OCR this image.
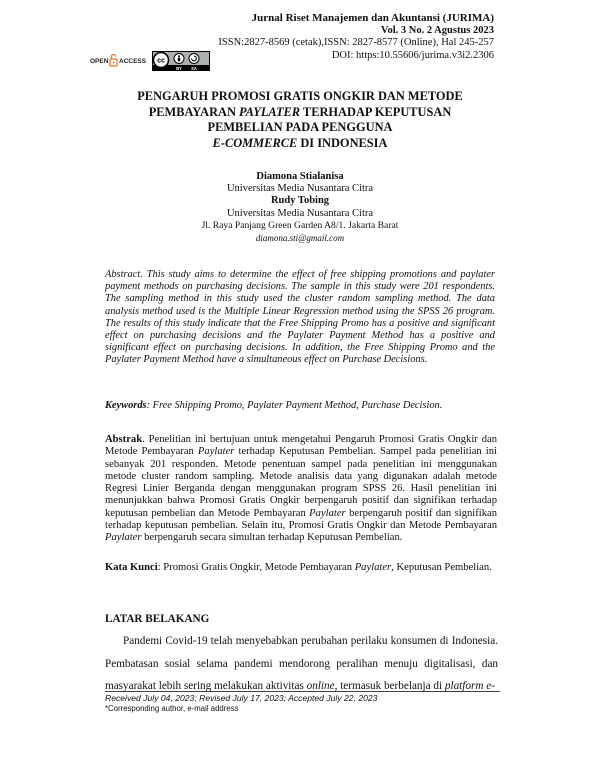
Jurnal Riset Manajemen dan Akuntansi (JURIMA)
Vol. 3 No. 2 Agustus 2023
ISSN:2827-8569 (cetak),ISSN: 2827-8577 (Online), Hal 245-257
DOI: https:10.55606/jurima.v3i2.2306
OPEN ACCESS cc
BY SA
PENGARUH PROMOSI GRATIS ONGKIR DAN METODE
PEMBAYARAN PAYLATER TERHADAP KEPUTUSAN
PEMBELIAN PADA PENGGUNA
E-COMMERCE DI INDONESIA
Diamona Stialanisa
Universitas Media Nusantara Citra
Rudy Tobing
Universitas Media Nusantara Citra
Jl. Raya Panjang Green Garden A8/1. Jakarta Barat
diamona.sti@gmail.com
Abstract. This study aims to determine the effect of free shipping promotions and paylater payment methods on purchasing decisions. The sample in this study were 201 respondents. The sampling method in this study used the cluster random sampling method. The data analysis method used is the Multiple Linear Regression method using the SPSS 26 program. The results of this study indicate that the Free Shipping Promo has a positive and significant effect on purchasing decisions and the Paylater Payment Method has a positive and significant effect on purchasing decisions. In addition, the Free Shipping Promo and the Paylater Payment Method have a simultaneous effect on Purchase Decisions.
Keywords: Free Shipping Promo, Paylater Payment Method, Purchase Decision.
Abstrak. Penelitian ini bertujuan untuk mengetahui Pengaruh Promosi Gratis Ongkir dan Metode Pembayaran Paylater terhadap Keputusan Pembelian. Sampel pada penelitian ini sebanyak 201 responden. Metode penentuan sampel pada penelitian ini menggunakan metode cluster random sampling. Metode analisis data yang digunakan adalah metode Regresi Linier Berganda dengan menggunakan program SPSS 26. Hasil penelitian ini menunjukkan bahwa Promosi Gratis Ongkir berpengaruh positif dan signifikan terhadap keputusan pembelian dan Metode Pembayaran Paylater berpengaruh positif dan signifikan terhadap keputusan pembelian. Selain itu, Promosi Gratis Ongkir dan Metode Pembayaran Paylater berpengaruh secara simultan terhadap Keputusan Pembelian.
Kata Kunci: Promosi Gratis Ongkir, Metode Pembayaran Paylater, Keputusan Pembelian.
LATAR BELAKANG
Pandemi Covid-19 telah menyebabkan perubahan perilaku konsumen di Indonesia. Pembatasan sosial selama pandemi mendorong peralihan menuju digitalisasi, dan masyarakat lebih sering melakukan aktivitas online, termasuk berbelanja di platform e-
Received July 04, 2023; Revised July 17, 2023; Accepted July 22, 2023
*Corresponding author, e-mail address
